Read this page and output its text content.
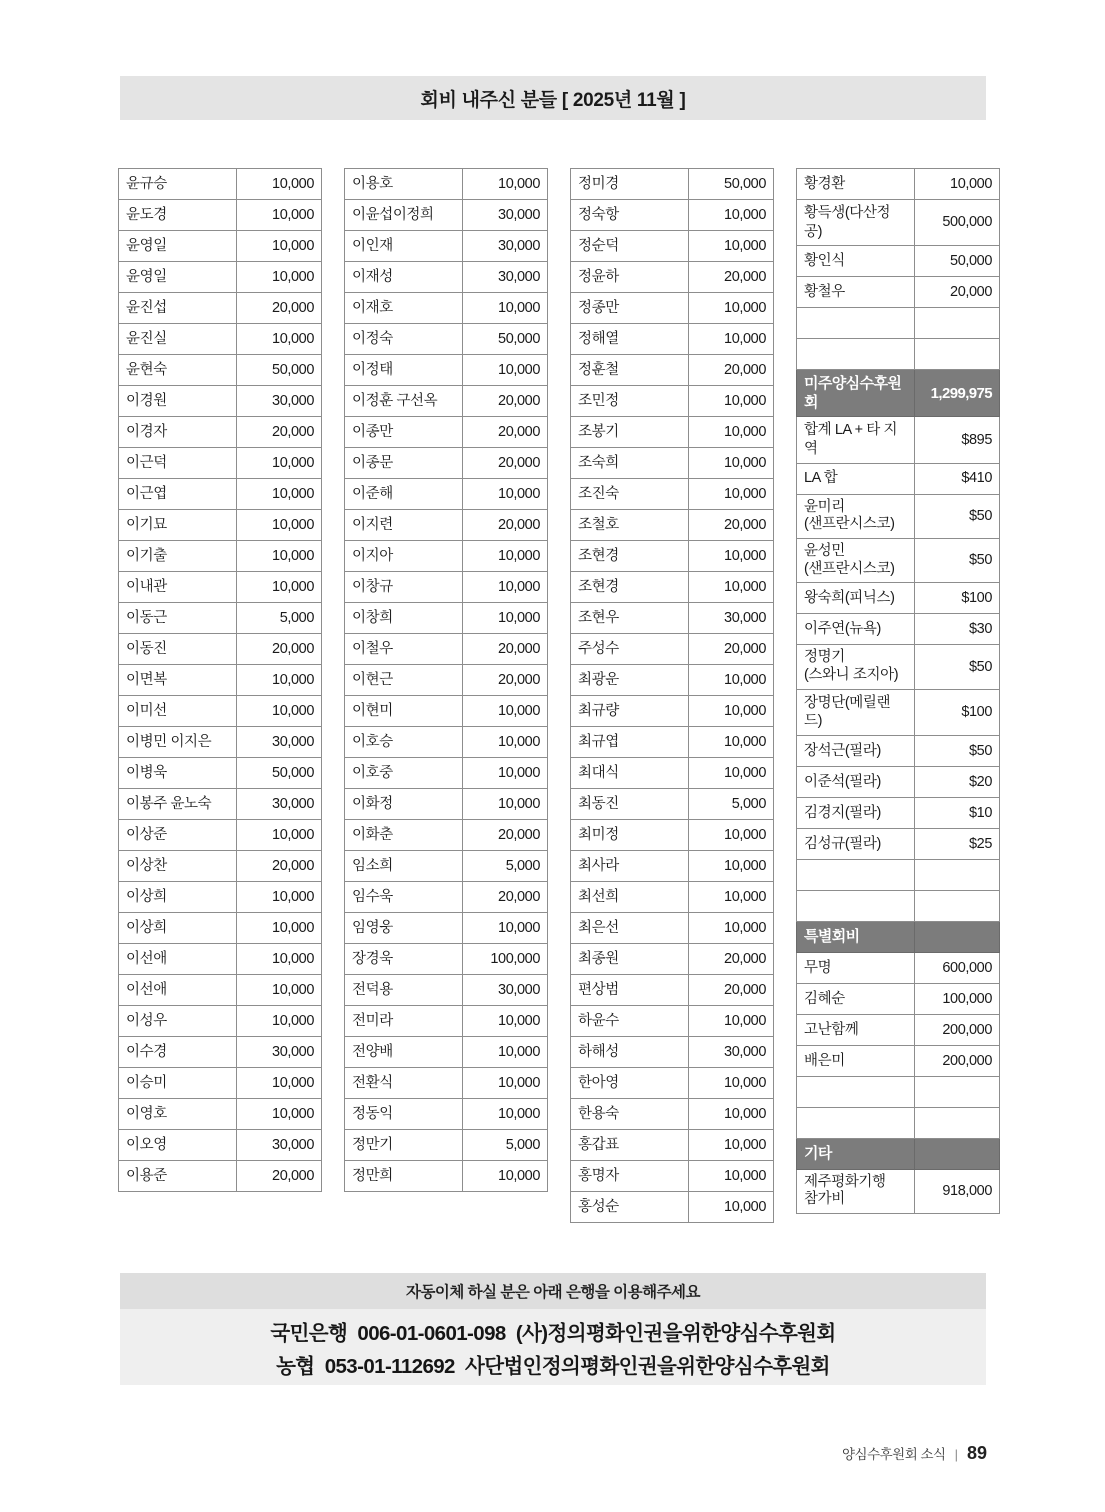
회비 내주신 분들 [ 2025년 11월 ]
윤규승	10,000
윤도경	10,000
윤영일	10,000
윤영일	10,000
윤진섭	20,000
윤진실	10,000
윤현숙	50,000
이경원	30,000
이경자	20,000
이근덕	10,000
이근엽	10,000
이기묘	10,000
이기출	10,000
이내관	10,000
이동근	5,000
이동진	20,000
이면복	10,000
이미선	10,000
이병민 이지은	30,000
이병욱	50,000
이봉주 윤노숙	30,000
이상준	10,000
이상찬	20,000
이상희	10,000
이상희	10,000
이선애	10,000
이선애	10,000
이성우	10,000
이수경	30,000
이승미	10,000
이영호	10,000
이오영	30,000
이용준	20,000
이용호	10,000
이윤섭이정희	30,000
이인재	30,000
이재성	30,000
이재호	10,000
이정숙	50,000
이정태	10,000
이정훈 구선옥	20,000
이종만	20,000
이종문	20,000
이준해	10,000
이지련	20,000
이지아	10,000
이창규	10,000
이창희	10,000
이철우	20,000
이현근	20,000
이현미	10,000
이호승	10,000
이호중	10,000
이화정	10,000
이화춘	20,000
임소희	5,000
임수욱	20,000
임영웅	10,000
장경욱	100,000
전덕용	30,000
전미라	10,000
전양배	10,000
전환식	10,000
정동익	10,000
정만기	5,000
정만희	10,000
정미경	50,000
정숙항	10,000
정순덕	10,000
정윤하	20,000
정종만	10,000
정해열	10,000
정훈철	20,000
조민정	10,000
조봉기	10,000
조숙희	10,000
조진숙	10,000
조철호	20,000
조현경	10,000
조현경	10,000
조현우	30,000
주성수	20,000
최광운	10,000
최규량	10,000
최규엽	10,000
최대식	10,000
최동진	5,000
최미정	10,000
최사라	10,000
최선희	10,000
최은선	10,000
최종원	20,000
편상범	20,000
하윤수	10,000
하해성	30,000
한아영	10,000
한용숙	10,000
홍갑표	10,000
홍명자	10,000
홍성순	10,000
황경환	10,000
황득생(다산정공)	500,000
황인식	50,000
황철우	20,000

미주양심수후원회	1,299,975
합계 LA + 타 지역	$895
LA 합	$410

윤미리
(샌프란시스코)	$50

윤성민
(샌프란시스코)	$50
왕숙희(피닉스)	$100
이주연(뉴욕)	$30

정명기
(스와니 조지아)	$50
장명단(메릴랜드)	$100
장석근(필라)	$50
이준석(필라)	$20
김경지(필라)	$10
김성규(필라)	$25

특별회비	
무명	600,000
김혜순	100,000
고난함께	200,000
배은미	200,000

기타	

제주평화기행
참가비	918,000
자동이체 하실 분은 아래 은행을 이용해주세요
국민은행  006-01-0601-098  (사)정의평화인권을위한양심수후원회
농협  053-01-112692  사단법인정의평화인권을위한양심수후원회
양심수후원회 소식 | 89
